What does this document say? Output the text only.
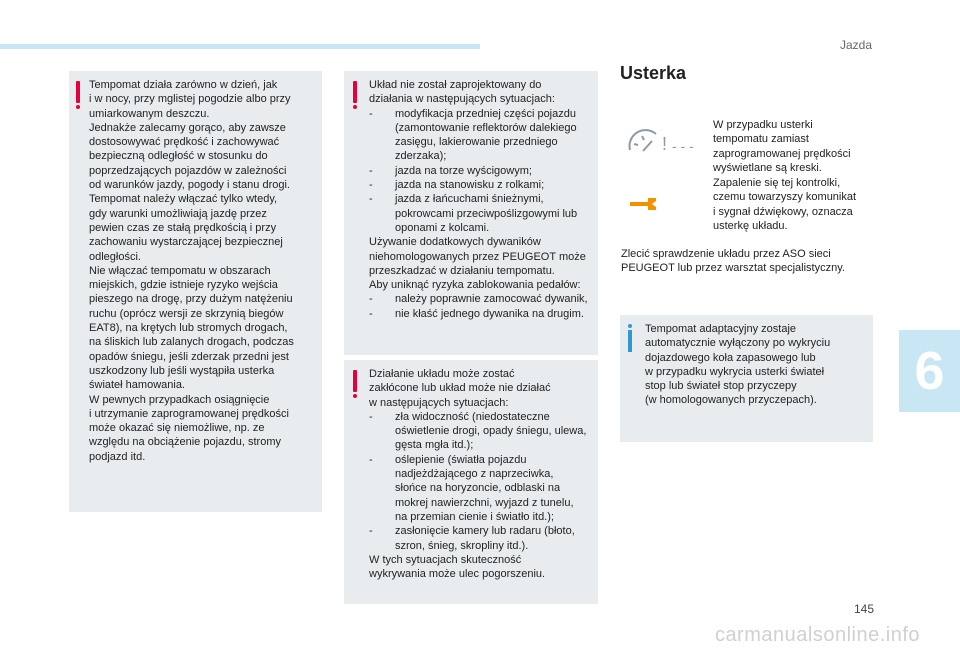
Jazda

Tempomat działa zarówno w dzień, jak

i w nocy, przy mglistej pogodzie albo przy

umiarkowanym deszczu.

Jednakże zalecamy gorąco, aby zawsze

dostosowywać prędkość i zachowywać

bezpieczną odległość w stosunku do

poprzedzających pojazdów w zależności

od warunków jazdy, pogody i stanu drogi.

Tempomat należy włączać tylko wtedy,

gdy warunki umożliwiają jazdę przez

pewien czas ze stałą prędkością i przy

zachowaniu wystarczającej bezpiecznej

odległości.

Nie włączać tempomatu w obszarach

miejskich, gdzie istnieje ryzyko wejścia

pieszego na drogę, przy dużym natężeniu

ruchu (oprócz wersji ze skrzynią biegów

EAT8), na krętych lub stromych drogach,

na śliskich lub zalanych drogach, podczas

opadów śniegu, jeśli zderzak przedni jest

uszkodzony lub jeśli wystąpiła usterka

świateł hamowania.

W pewnych przypadkach osiągnięcie

i utrzymanie zaprogramowanej prędkości

może okazać się niemożliwe, np. ze

względu na obciążenie pojazdu, stromy

podjazd itd.

Układ nie został zaprojektowany do

działania w następujących sytuacjach:

-	modyfikacja przedniej części pojazdu
(zamontowanie reflektorów dalekiego
zasięgu, lakierowanie przedniego
zderzaka);
-	jazda na torze wyścigowym;
-	jazda na stanowisku z rolkami;
-	jazda z łańcuchami śnieżnymi,
pokrowcami przeciwpoślizgowymi lub
oponami z kolcami.

Używanie dodatkowych dywaników

niehomologowanych przez PEUGEOT może

przeszkadzać w działaniu tempomatu.

Aby uniknąć ryzyka zablokowania pedałów:

-	należy poprawnie zamocować dywanik,
-	nie kłaść jednego dywanika na drugim.

Działanie układu może zostać

zakłócone lub układ może nie działać

w następujących sytuacjach:

-	zła widoczność (niedostateczne
oświetlenie drogi, opady śniegu, ulewa,
gęsta mgła itd.);
-	oślepienie (światła pojazdu
nadjeżdżającego z naprzeciwka,
słońce na horyzoncie, odblaski na
mokrej nawierzchni, wyjazd z tunelu,
na przemian cienie i światło itd.);
-	zasłonięcie kamery lub radaru (błoto,
szron, śnieg, skropliny itd.).

W tych sytuacjach skuteczność

wykrywania może ulec pogorszeniu.

Usterka
! - - -

W przypadku usterki

tempomatu zamiast

zaprogramowanej prędkości

wyświetlane są kreski.

Zapalenie się tej kontrolki,

czemu towarzyszy komunikat

i sygnał dźwiękowy, oznacza

usterkę układu.

Zlecić sprawdzenie układu przez ASO sieci

PEUGEOT lub przez warsztat specjalistyczny.

Tempomat adaptacyjny zostaje

automatycznie wyłączony po wykryciu

dojazdowego koła zapasowego lub

w przypadku wykrycia usterki świateł

stop lub świateł stop przyczepy

(w homologowanych przyczepach).	6
145
carmanualsonline.info
